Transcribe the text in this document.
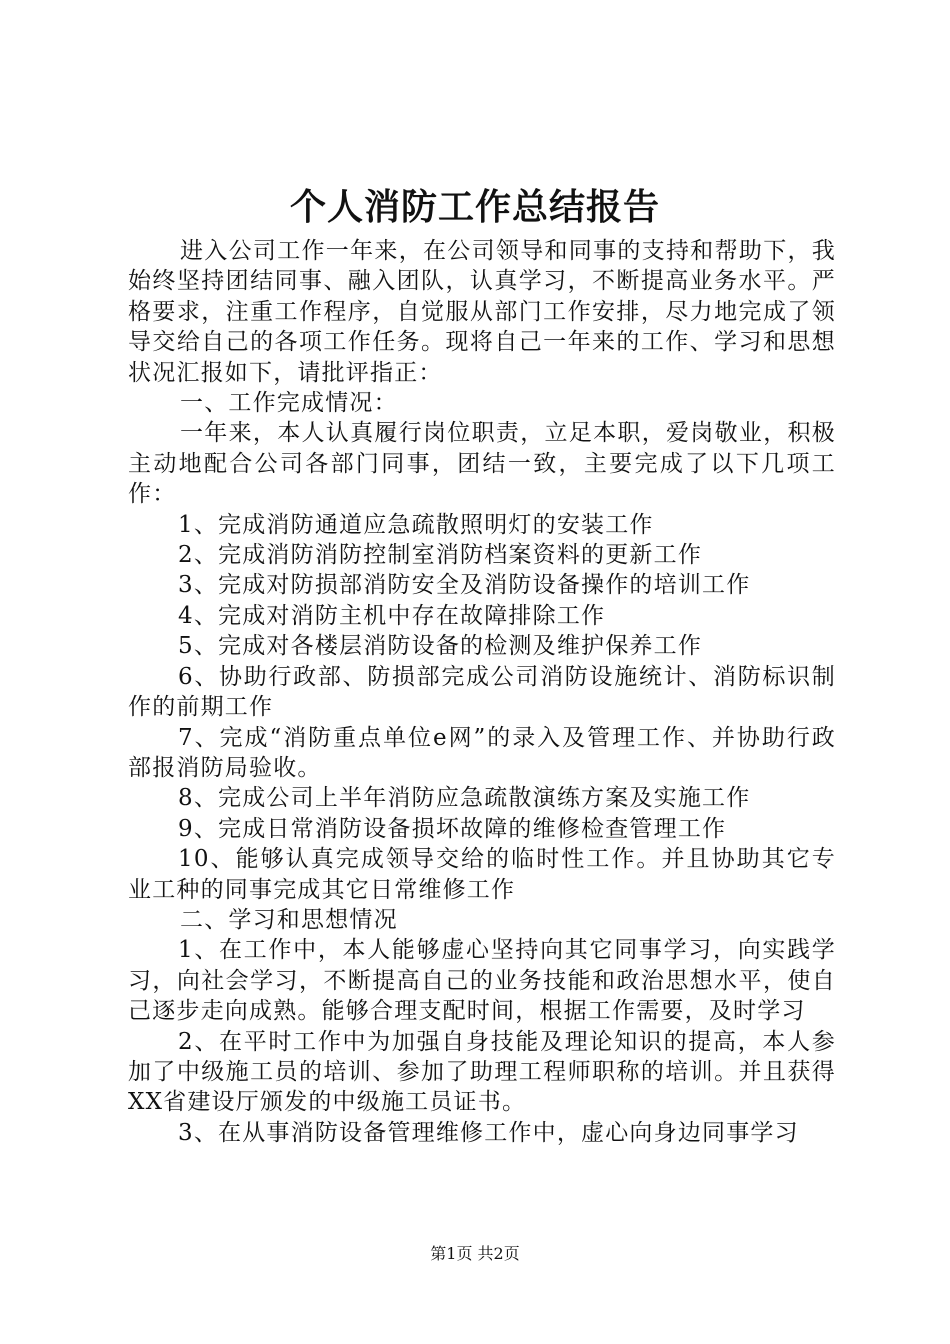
个人消防工作总结报告

进入公司工作一年来，在公司领导和同事的支持和帮助下，我始终坚持团结同事、融入团队，认真学习，不断提高业务水平。严格要求，注重工作程序，自觉服从部门工作安排，尽力地完成了领导交给自己的各项工作任务。现将自己一年来的工作、学习和思想状况汇报如下，请批评指正：

一、工作完成情况：

一年来，本人认真履行岗位职责，立足本职，爱岗敬业，积极主动地配合公司各部门同事，团结一致，主要完成了以下几项工作：

1、完成消防通道应急疏散照明灯的安装工作

2、完成消防消防控制室消防档案资料的更新工作

3、完成对防损部消防安全及消防设备操作的培训工作

4、完成对消防主机中存在故障排除工作

5、完成对各楼层消防设备的检测及维护保养工作

6、协助行政部、防损部完成公司消防设施统计、消防标识制作的前期工作

7、完成“消防重点单位e网”的录入及管理工作、并协助行政部报消防局验收。

8、完成公司上半年消防应急疏散演练方案及实施工作

9、完成日常消防设备损坏故障的维修检查管理工作

10、能够认真完成领导交给的临时性工作。并且协助其它专业工种的同事完成其它日常维修工作

二、学习和思想情况

1、在工作中，本人能够虚心坚持向其它同事学习，向实践学习，向社会学习，不断提高自己的业务技能和政治思想水平，使自己逐步走向成熟。能够合理支配时间，根据工作需要，及时学习

2、在平时工作中为加强自身技能及理论知识的提高，本人参加了中级施工员的培训、参加了助理工程师职称的培训。并且获得XX省建设厅颁发的中级施工员证书。

3、在从事消防设备管理维修工作中，虚心向身边同事学习

第1页 共2页
